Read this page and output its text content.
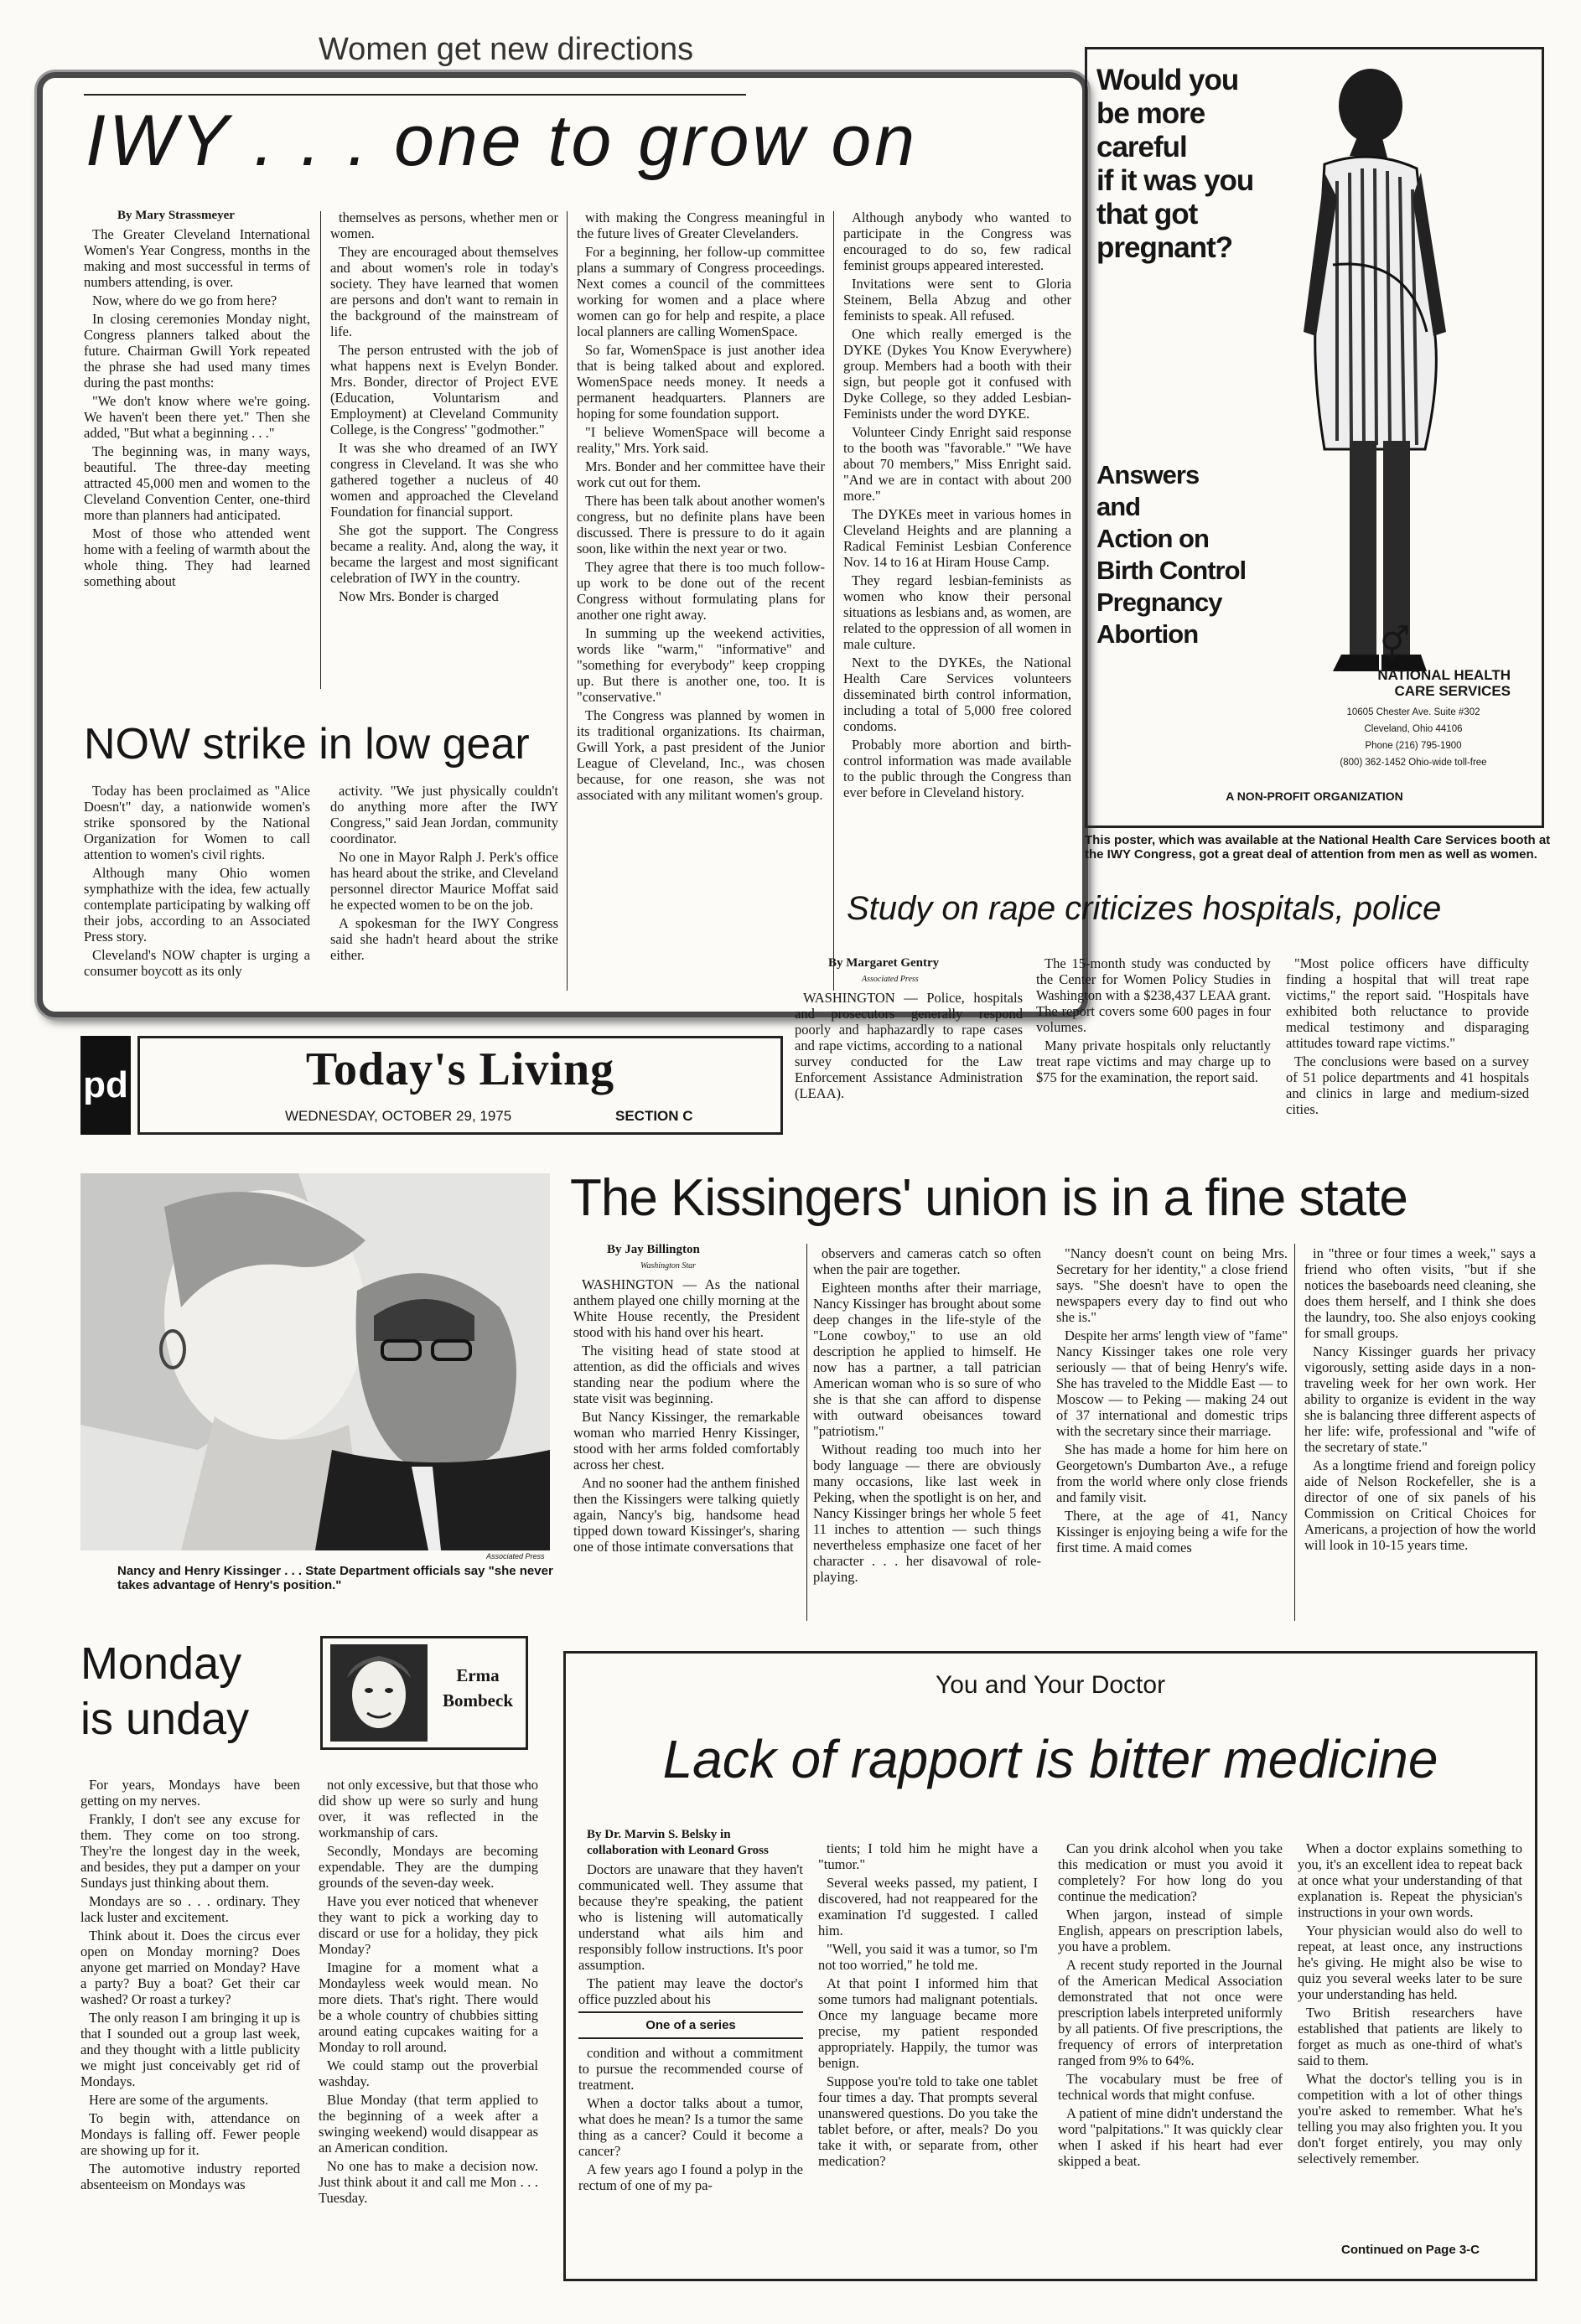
Women get new directions
IWY . . . one to grow on

By Mary Strassmeyer

The Greater Cleveland International Women's Year Congress, months in the making and most successful in terms of numbers attending, is over.

Now, where do we go from here?

In closing ceremonies Monday night, Congress planners talked about the future. Chairman Gwill York repeated the phrase she had used many times during the past months:

"We don't know where we're going. We haven't been there yet." Then she added, "But what a beginning . . ."

The beginning was, in many ways, beautiful. The three-day meeting attracted 45,000 men and women to the Cleveland Convention Center, one-third more than planners had anticipated.

Most of those who attended went home with a feeling of warmth about the whole thing. They had learned something about

themselves as persons, whether men or women.

They are encouraged about themselves and about women's role in today's society. They have learned that women are persons and don't want to remain in the background of the mainstream of life.

The person entrusted with the job of what happens next is Evelyn Bonder. Mrs. Bonder, director of Project EVE (Education, Voluntarism and Employment) at Cleveland Community College, is the Congress' "godmother."

It was she who dreamed of an IWY congress in Cleveland. It was she who gathered together a nucleus of 40 women and approached the Cleveland Foundation for financial support.

She got the support. The Congress became a reality. And, along the way, it became the largest and most significant celebration of IWY in the country.

Now Mrs. Bonder is charged

with making the Congress meaningful in the future lives of Greater Clevelanders.

For a beginning, her follow-up committee plans a summary of Congress proceedings. Next comes a council of the committees working for women and a place where women can go for help and respite, a place local planners are calling WomenSpace.

So far, WomenSpace is just another idea that is being talked about and explored. WomenSpace needs money. It needs a permanent headquarters. Planners are hoping for some foundation support.

"I believe WomenSpace will become a reality," Mrs. York said.

Mrs. Bonder and her committee have their work cut out for them.

There has been talk about another women's congress, but no definite plans have been discussed. There is pressure to do it again soon, like within the next year or two.

They agree that there is too much follow-up work to be done out of the recent Congress without formulating plans for another one right away.

In summing up the weekend activities, words like "warm," "informative" and "something for everybody" keep cropping up. But there is another one, too. It is "conservative."

The Congress was planned by women in its traditional organizations. Its chairman, Gwill York, a past president of the Junior League of Cleveland, Inc., was chosen because, for one reason, she was not associated with any militant women's group.

Although anybody who wanted to participate in the Congress was encouraged to do so, few radical feminist groups appeared interested.

Invitations were sent to Gloria Steinem, Bella Abzug and other feminists to speak. All refused.

One which really emerged is the DYKE (Dykes You Know Everywhere) group. Members had a booth with their sign, but people got it confused with Dyke College, so they added Lesbian-Feminists under the word DYKE.

Volunteer Cindy Enright said response to the booth was "favorable." "We have about 70 members," Miss Enright said. "And we are in contact with about 200 more."

The DYKEs meet in various homes in Cleveland Heights and are planning a Radical Feminist Lesbian Conference Nov. 14 to 16 at Hiram House Camp.

They regard lesbian-feminists as women who know their personal situations as lesbians and, as women, are related to the oppression of all women in male culture.

Next to the DYKEs, the National Health Care Services volunteers disseminated birth control information, including a total of 5,000 free colored condoms.

Probably more abortion and birth-control information was made available to the public through the Congress than ever before in Cleveland history.

NOW strike in low gear

Today has been proclaimed as "Alice Doesn't" day, a nationwide women's strike sponsored by the National Organization for Women to call attention to women's civil rights.

Although many Ohio women symphathize with the idea, few actually contemplate participating by walking off their jobs, according to an Associated Press story.

Cleveland's NOW chapter is urging a consumer boycott as its only

activity. "We just physically couldn't do anything more after the IWY Congress," said Jean Jordan, community coordinator.

No one in Mayor Ralph J. Perk's office has heard about the strike, and Cleveland personnel director Maurice Moffat said he expected women to be on the job.

A spokesman for the IWY Congress said she hadn't heard about the strike either.

Would you
be more
careful
if it was you
that got
pregnant?
Answers
and
Action on
Birth Control
Pregnancy
Abortion	⚥
NATIONAL HEALTH
CARE SERVICES
10605 Chester Ave. Suite #302
Cleveland, Ohio 44106
Phone (216) 795-1900
(800) 362-1452 Ohio-wide toll-free
A NON-PROFIT ORGANIZATION
This poster, which was available at the National Health Care Services booth at the IWY Congress, got a great deal of attention from men as well as women.
Study on rape criticizes hospitals, police

By Margaret Gentry
Associated Press

WASHINGTON — Police, hospitals and prosecutors generally respond poorly and haphazardly to rape cases and rape victims, according to a national survey conducted for the Law Enforcement Assistance Administration (LEAA).

The 15-month study was conducted by the Center for Women Policy Studies in Washington with a $238,437 LEAA grant. The report covers some 600 pages in four volumes.

Many private hospitals only reluctantly treat rape victims and may charge up to $75 for the examination, the report said.

"Most police officers have difficulty finding a hospital that will treat rape victims," the report said. "Hospitals have exhibited both reluctance to provide medical testimony and disparaging attitudes toward rape victims."

The conclusions were based on a survey of 51 police departments and 41 hospitals and clinics in large and medium-sized cities.

pd	Today's Living
WEDNESDAY, OCTOBER 29, 1975	SECTION C
Associated Press
Nancy and Henry Kissinger . . . State Department officials say "she never takes advantage of Henry's position."
The Kissingers' union is in a fine state

By Jay Billington
Washington Star

WASHINGTON — As the national anthem played one chilly morning at the White House recently, the President stood with his hand over his heart.

The visiting head of state stood at attention, as did the officials and wives standing near the podium where the state visit was beginning.

But Nancy Kissinger, the remarkable woman who married Henry Kissinger, stood with her arms folded comfortably across her chest.

And no sooner had the anthem finished then the Kissingers were talking quietly again, Nancy's big, handsome head tipped down toward Kissinger's, sharing one of those intimate conversations that

observers and cameras catch so often when the pair are together.

Eighteen months after their marriage, Nancy Kissinger has brought about some deep changes in the life-style of the "Lone cowboy," to use an old description he applied to himself. He now has a partner, a tall patrician American woman who is so sure of who she is that she can afford to dispense with outward obeisances toward "patriotism."

Without reading too much into her body language — there are obviously many occasions, like last week in Peking, when the spotlight is on her, and Nancy Kissinger brings her whole 5 feet 11 inches to attention — such things nevertheless emphasize one facet of her character . . . her disavowal of role-playing.

"Nancy doesn't count on being Mrs. Secretary for her identity," a close friend says. "She doesn't have to open the newspapers every day to find out who she is."

Despite her arms' length view of "fame" Nancy Kissinger takes one role very seriously — that of being Henry's wife. She has traveled to the Middle East — to Moscow — to Peking — making 24 out of 37 international and domestic trips with the secretary since their marriage.

She has made a home for him here on Georgetown's Dumbarton Ave., a refuge from the world where only close friends and family visit.

There, at the age of 41, Nancy Kissinger is enjoying being a wife for the first time. A maid comes

in "three or four times a week," says a friend who often visits, "but if she notices the baseboards need cleaning, she does them herself, and I think she does the laundry, too. She also enjoys cooking for small groups.

Nancy Kissinger guards her privacy vigorously, setting aside days in a non-traveling week for her own work. Her ability to organize is evident in the way she is balancing three different aspects of her life: wife, professional and "wife of the secretary of state."

As a longtime friend and foreign policy aide of Nelson Rockefeller, she is a director of one of six panels of his Commission on Critical Choices for Americans, a projection of how the world will look in 10-15 years time.

Monday
is unday
Erma
Bombeck

For years, Mondays have been getting on my nerves.

Frankly, I don't see any excuse for them. They come on too strong. They're the longest day in the week, and besides, they put a damper on your Sundays just thinking about them.

Mondays are so . . . ordinary. They lack luster and excitement.

Think about it. Does the circus ever open on Monday morning? Does anyone get married on Monday? Have a party? Buy a boat? Get their car washed? Or roast a turkey?

The only reason I am bringing it up is that I sounded out a group last week, and they thought with a little publicity we might just conceivably get rid of Mondays.

Here are some of the arguments.

To begin with, attendance on Mondays is falling off. Fewer people are showing up for it.

The automotive industry reported absenteeism on Mondays was

not only excessive, but that those who did show up were so surly and hung over, it was reflected in the workmanship of cars.

Secondly, Mondays are becoming expendable. They are the dumping grounds of the seven-day week.

Have you ever noticed that whenever they want to pick a working day to discard or use for a holiday, they pick Monday?

Imagine for a moment what a Mondayless week would mean. No more diets. That's right. There would be a whole country of chubbies sitting around eating cupcakes waiting for a Monday to roll around.

We could stamp out the proverbial washday.

Blue Monday (that term applied to the beginning of a week after a swinging weekend) would disappear as an American condition.

No one has to make a decision now. Just think about it and call me Mon . . . Tuesday.

You and Your Doctor
Lack of rapport is bitter medicine

By Dr. Marvin S. Belsky in
collaboration with Leonard Gross

Doctors are unaware that they haven't communicated well. They assume that because they're speaking, the patient who is listening will automatically understand what ails him and responsibly follow instructions. It's poor assumption.

The patient may leave the doctor's office puzzled about his

One of a series

condition and without a commitment to pursue the recommended course of treatment.

When a doctor talks about a tumor, what does he mean? Is a tumor the same thing as a cancer? Could it become a cancer?

A few years ago I found a polyp in the rectum of one of my pa-

tients; I told him he might have a "tumor."

Several weeks passed, my patient, I discovered, had not reappeared for the examination I'd suggested. I called him.

"Well, you said it was a tumor, so I'm not too worried," he told me.

At that point I informed him that some tumors had malignant potentials. Once my language became more precise, my patient responded appropriately. Happily, the tumor was benign.

Suppose you're told to take one tablet four times a day. That prompts several unanswered questions. Do you take the tablet before, or after, meals? Do you take it with, or separate from, other medication?

Can you drink alcohol when you take this medication or must you avoid it completely? For how long do you continue the medication?

When jargon, instead of simple English, appears on prescription labels, you have a problem.

A recent study reported in the Journal of the American Medical Association demonstrated that not once were prescription labels interpreted uniformly by all patients. Of five prescriptions, the frequency of errors of interpretation ranged from 9% to 64%.

The vocabulary must be free of technical words that might confuse.

A patient of mine didn't understand the word "palpitations." It was quickly clear when I asked if his heart had ever skipped a beat.

When a doctor explains something to you, it's an excellent idea to repeat back at once what your understanding of that explanation is. Repeat the physician's instructions in your own words.

Your physician would also do well to repeat, at least once, any instructions he's giving. He might also be wise to quiz you several weeks later to be sure your understanding has held.

Two British researchers have established that patients are likely to forget as much as one-third of what's said to them.

What the doctor's telling you is in competition with a lot of other things you're asked to remember. What he's telling you may also frighten you. It you don't forget entirely, you may only selectively remember.

Continued on Page 3-C
